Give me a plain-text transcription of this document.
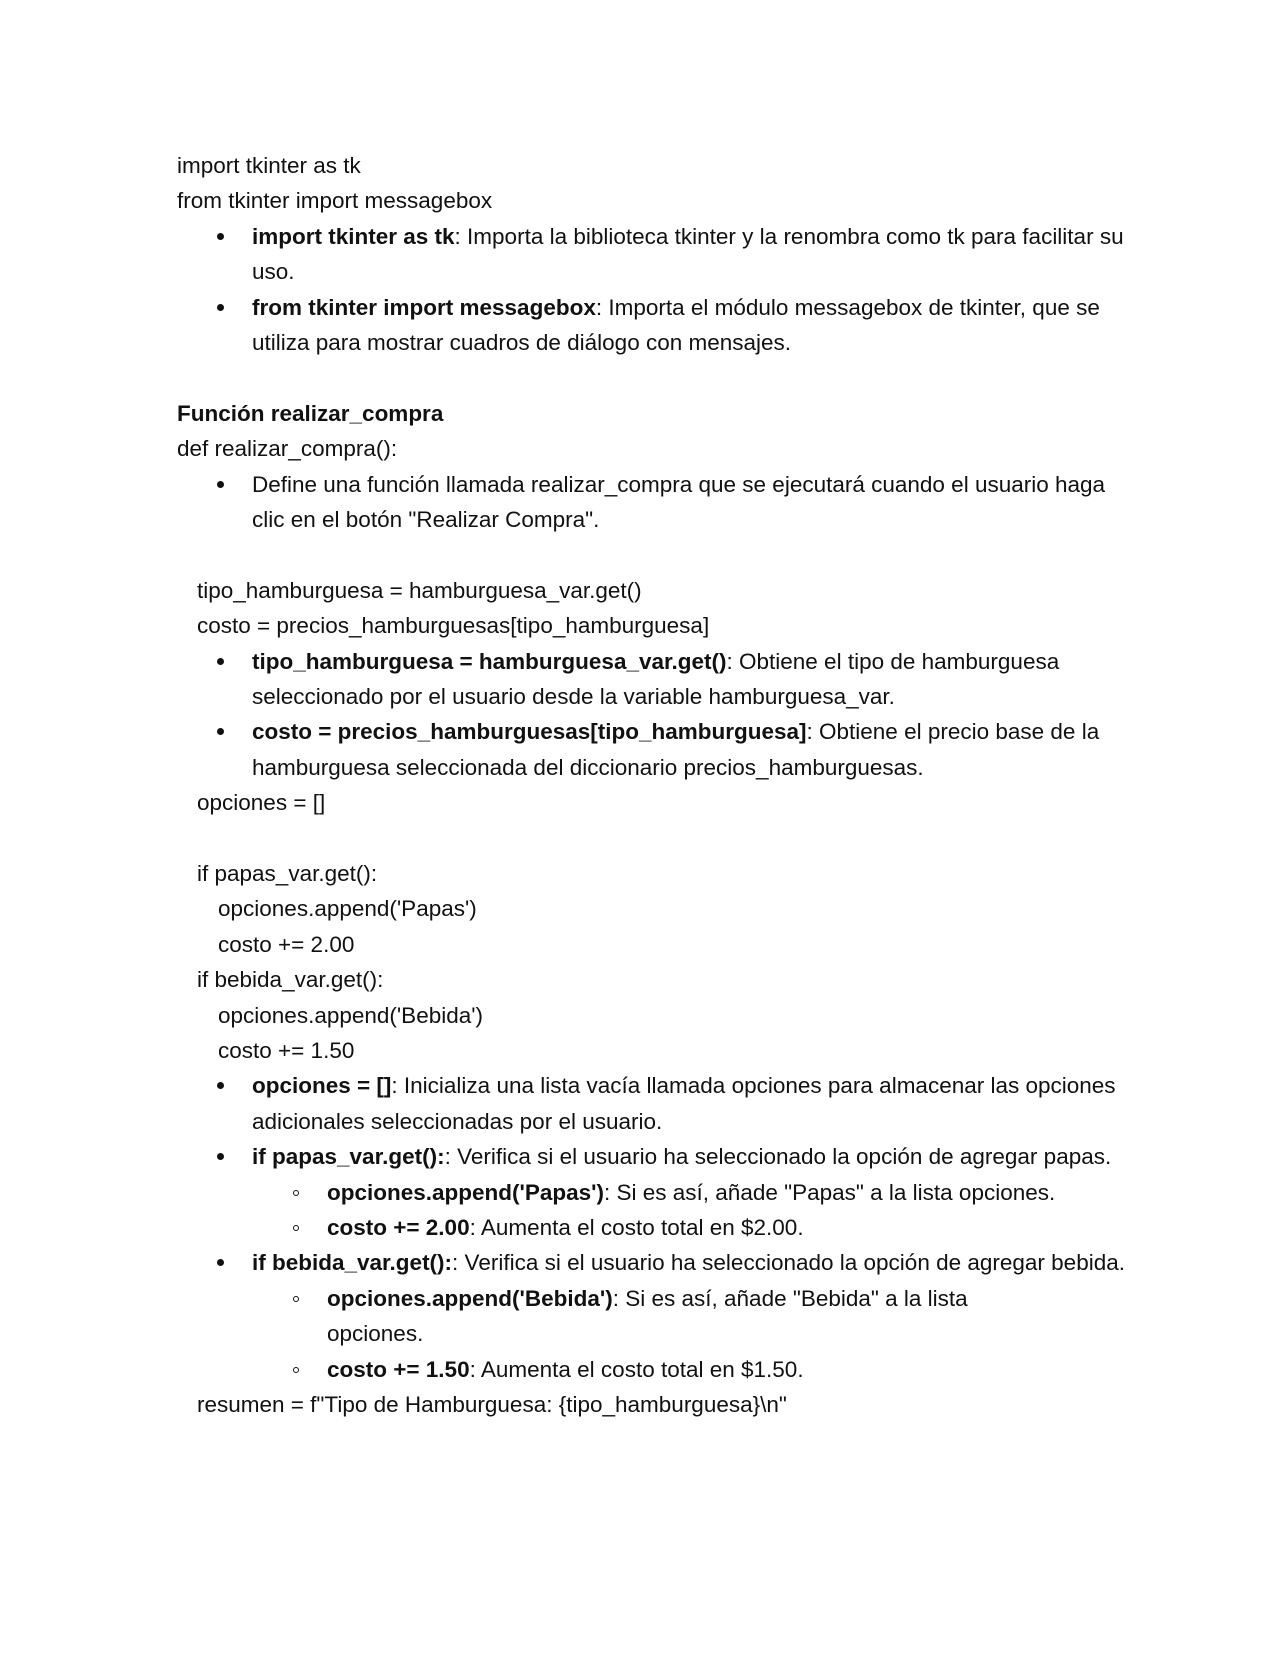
import tkinter as tk
from tkinter import messagebox
import tkinter as tk: Importa la biblioteca tkinter y la renombra como tk para facilitar su uso.
from tkinter import messagebox: Importa el módulo messagebox de tkinter, que se utiliza para mostrar cuadros de diálogo con mensajes.
Función realizar_compra
def realizar_compra():
Define una función llamada realizar_compra que se ejecutará cuando el usuario haga clic en el botón "Realizar Compra".
tipo_hamburguesa = hamburguesa_var.get()
costo = precios_hamburguesas[tipo_hamburguesa]
tipo_hamburguesa = hamburguesa_var.get(): Obtiene el tipo de hamburguesa seleccionado por el usuario desde la variable hamburguesa_var.
costo = precios_hamburguesas[tipo_hamburguesa]: Obtiene el precio base de la hamburguesa seleccionada del diccionario precios_hamburguesas.
opciones = []
if papas_var.get():
opciones.append('Papas')
costo += 2.00
if bebida_var.get():
opciones.append('Bebida')
costo += 1.50
opciones = []: Inicializa una lista vacía llamada opciones para almacenar las opciones adicionales seleccionadas por el usuario.
if papas_var.get():: Verifica si el usuario ha seleccionado la opción de agregar papas.
opciones.append('Papas'): Si es así, añade "Papas" a la lista opciones.
costo += 2.00: Aumenta el costo total en $2.00.
if bebida_var.get():: Verifica si el usuario ha seleccionado la opción de agregar bebida.
opciones.append('Bebida'): Si es así, añade "Bebida" a la lista opciones.
costo += 1.50: Aumenta el costo total en $1.50.
resumen = f"Tipo de Hamburguesa: {tipo_hamburguesa}\n"
